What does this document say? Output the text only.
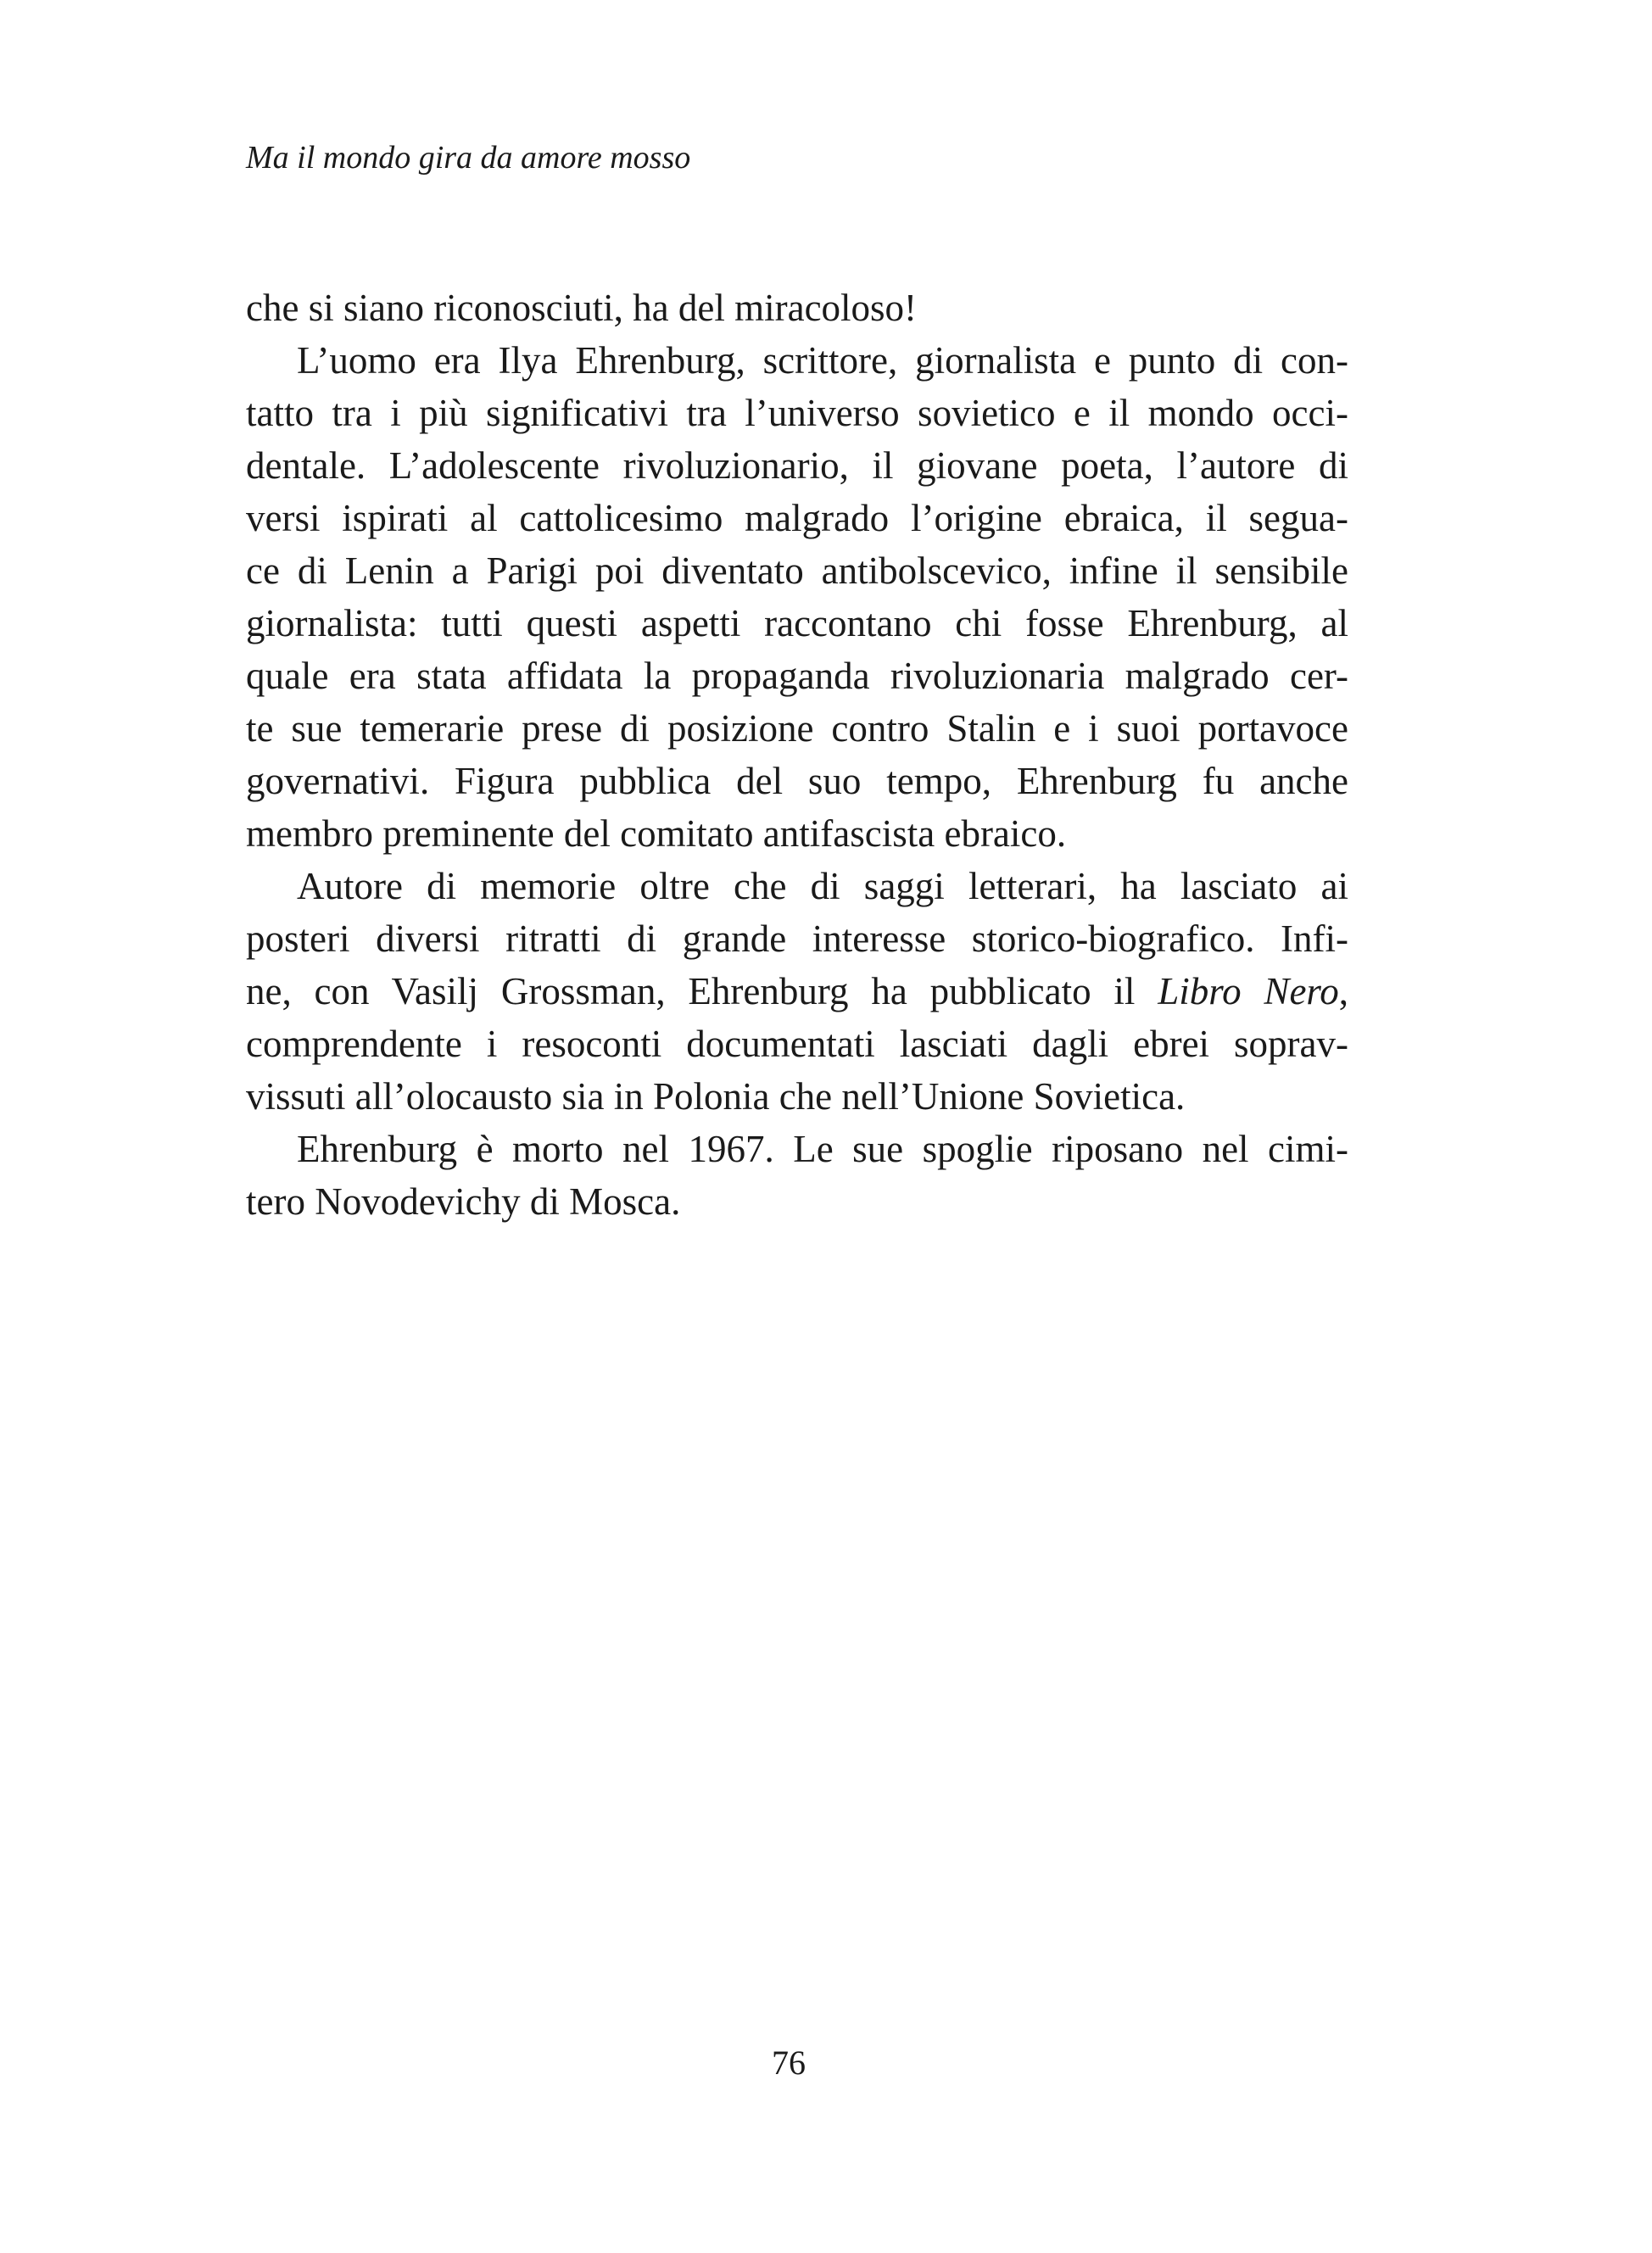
Ma il mondo gira da amore mosso
che si siano riconosciuti, ha del miracoloso!
L’uomo era Ilya Ehrenburg, scrittore, giornalista e punto di con-
tatto tra i più significativi tra l’universo sovietico e il mondo occi-
dentale. L’adolescente rivoluzionario, il giovane poeta, l’autore di
versi ispirati al cattolicesimo malgrado l’origine ebraica, il segua-
ce di Lenin a Parigi poi diventato antibolscevico, infine il sensibile
giornalista: tutti questi aspetti raccontano chi fosse Ehrenburg, al
quale era stata affidata la propaganda rivoluzionaria malgrado cer-
te sue temerarie prese di posizione contro Stalin e i suoi portavoce
governativi. Figura pubblica del suo tempo, Ehrenburg fu anche
membro preminente del comitato antifascista ebraico.
Autore di memorie oltre che di saggi letterari, ha lasciato ai
posteri diversi ritratti di grande interesse storico-biografico. Infi-
ne, con Vasilj Grossman, Ehrenburg ha pubblicato il Libro Nero,
comprendente i resoconti documentati lasciati dagli ebrei soprav-
vissuti all’olocausto sia in Polonia che nell’Unione Sovietica.
Ehrenburg è morto nel 1967. Le sue spoglie riposano nel cimi-
tero Novodevichy di Mosca.
76
